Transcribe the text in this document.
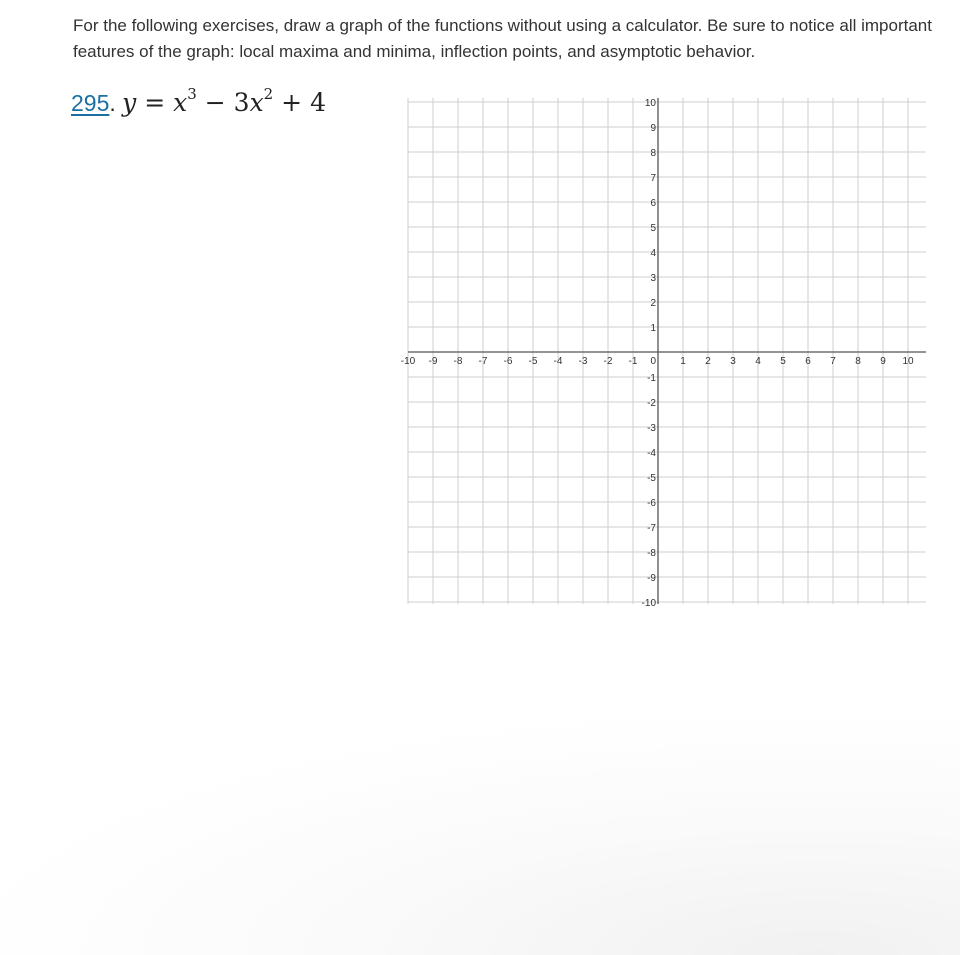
For the following exercises, draw a graph of the functions without using a calculator. Be sure to notice all important features of the graph: local maxima and minima, inflection points, and asymptotic behavior.

295. $y = x^3 - 3x^2 + 4$
-10 -9 -8 -7 -6 -5 -4 -3 -2 -1	1 2 3 4 5 6 7 8 9 10
10
9
8
7
6
5
4
3
2
1
-1
-2
-3
-4
-5
-6
-7
-8
-9
-10
0
